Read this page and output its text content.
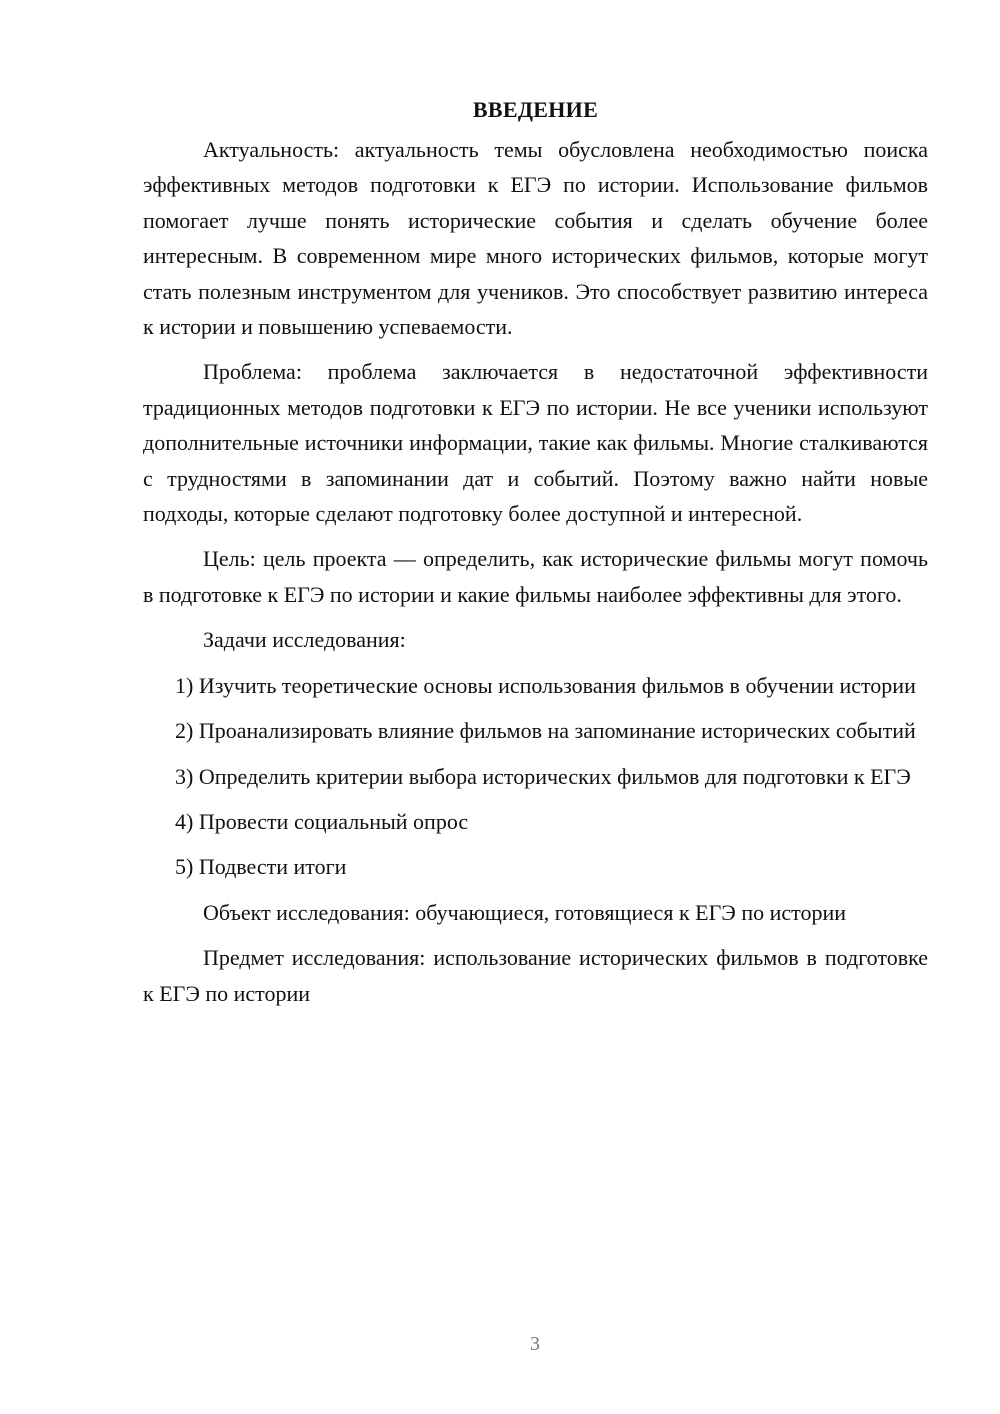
ВВЕДЕНИЕ

Актуальность: актуальность темы обусловлена необходимостью поиска эффективных методов подготовки к ЕГЭ по истории. Использование фильмов помогает лучше понять исторические события и сделать обучение более интересным. В современном мире много исторических фильмов, которые могут стать полезным инструментом для учеников. Это способствует развитию интереса к истории и повышению успеваемости.

Проблема: проблема заключается в недостаточной эффективности традиционных методов подготовки к ЕГЭ по истории. Не все ученики используют дополнительные источники информации, такие как фильмы. Многие сталкиваются с трудностями в запоминании дат и событий. Поэтому важно найти новые подходы, которые сделают подготовку более доступной и интересной.

Цель: цель проекта — определить, как исторические фильмы могут помочь в подготовке к ЕГЭ по истории и какие фильмы наиболее эффективны для этого.

Задачи исследования:

1) Изучить теоретические основы использования фильмов в обучении истории

2) Проанализировать влияние фильмов на запоминание исторических событий

3) Определить критерии выбора исторических фильмов для подготовки к ЕГЭ

4) Провести социальный опрос

5) Подвести итоги

Объект исследования: обучающиеся, готовящиеся к ЕГЭ по истории

Предмет исследования: использование исторических фильмов в подготовке к ЕГЭ по истории

3
